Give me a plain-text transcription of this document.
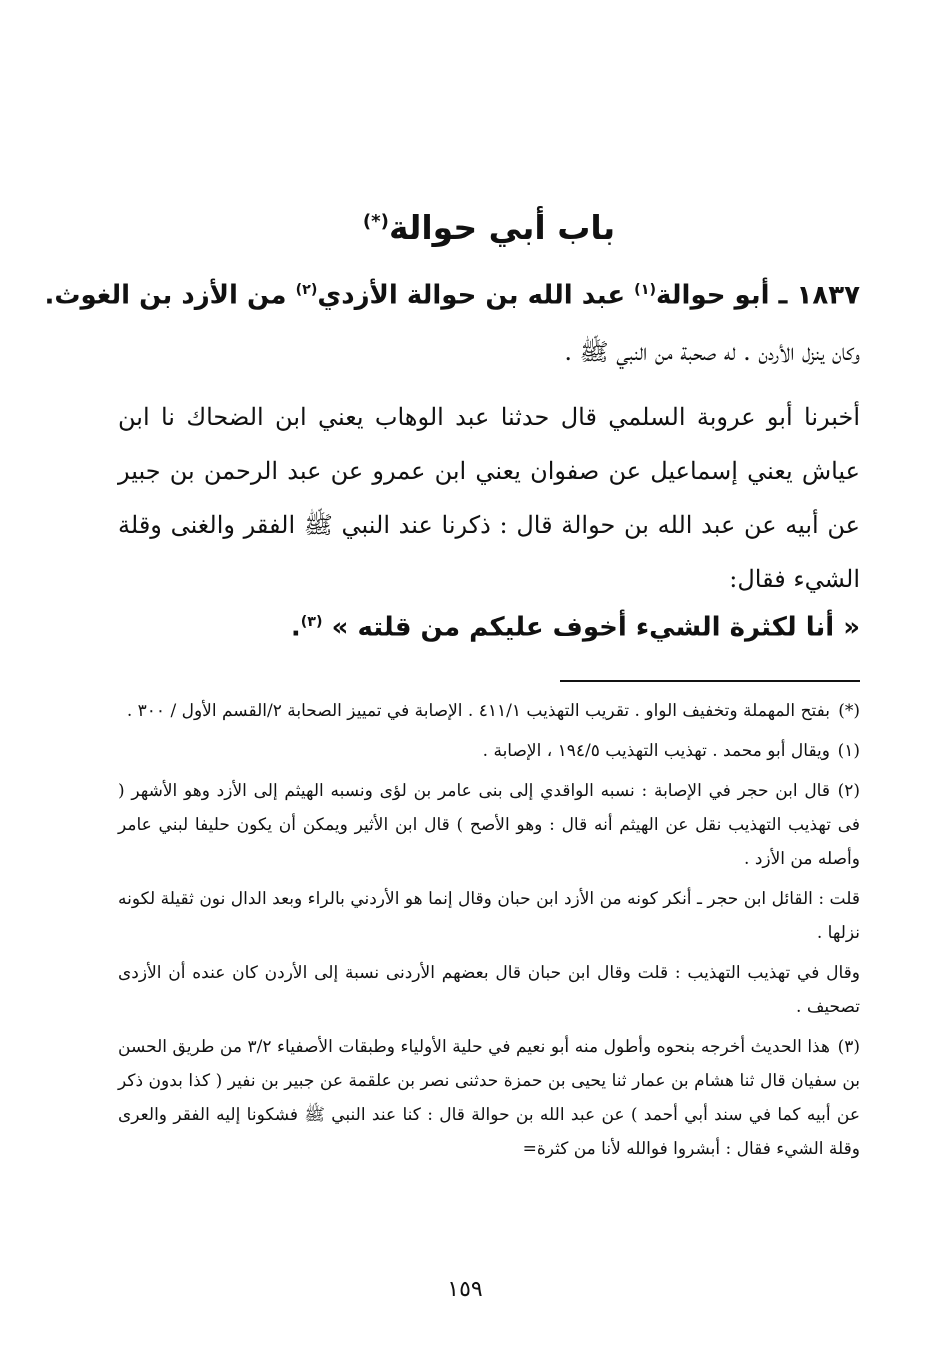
باب أبي حوالة(*)
١٨٣٧ ـ أبو حوالة$^{(١)}$ عبد الله بن حوالة الأزدي$^{(٢)}$ من الأزد بن الغوث.

وكان ينزل الأردن . له صحبة من النبي ﷺ .

أخبرنا أبو عروبة السلمي قال حدثنا عبد الوهاب يعني ابن الضحاك نا ابن عياش يعني إسماعيل عن صفوان يعني ابن عمرو عن عبد الرحمن بن جبير عن أبيه عن عبد الله بن حوالة قال : ذكرنا عند النبي ﷺ الفقر والغنى وقلة الشيء فقال:

« أنا لكثرة الشيء أخوف عليكم من قلته » $^{(٣)}$.

(*)بفتح المهملة وتخفيف الواو . تقريب التهذيب ٤١١/١ . الإصابة في تمييز الصحابة ٢/القسم الأول / ٣٠٠ .

(١)ويقال أبو محمد . تهذيب التهذيب ١٩٤/٥ ، الإصابة .

(٢)قال ابن حجر في الإصابة : نسبه الواقدي إلى بنى عامر بن لؤى ونسبه الهيثم إلى الأزد وهو الأشهر ( فى تهذيب التهذيب نقل عن الهيثم أنه قال : وهو الأصح ) قال ابن الأثير ويمكن أن يكون حليفا لبني عامر وأصله من الأزد .

قلت : القائل ابن حجر ـ أنكر كونه من الأزد ابن حبان وقال إنما هو الأردني بالراء وبعد الدال نون ثقيلة لكونه نزلها .

وقال في تهذيب التهذيب : قلت وقال ابن حبان قال بعضهم الأردنى نسبة إلى الأردن كان عنده أن الأزدى تصحيف .

(٣)هذا الحديث أخرجه بنحوه وأطول منه أبو نعيم في حلية الأولياء وطبقات الأصفياء ٣/٢ من طريق الحسن بن سفيان قال ثنا هشام بن عمار ثنا يحيى بن حمزة حدثنى نصر بن علقمة عن جبير بن نفير ( كذا بدون ذكر عن أبيه كما في سند أبي أحمد ) عن عبد الله بن حوالة قال : كنا عند النبي ﷺ فشكونا إليه الفقر والعرى وقلة الشيء فقال : أبشروا فوالله لأنا من كثرة=

١٥٩
